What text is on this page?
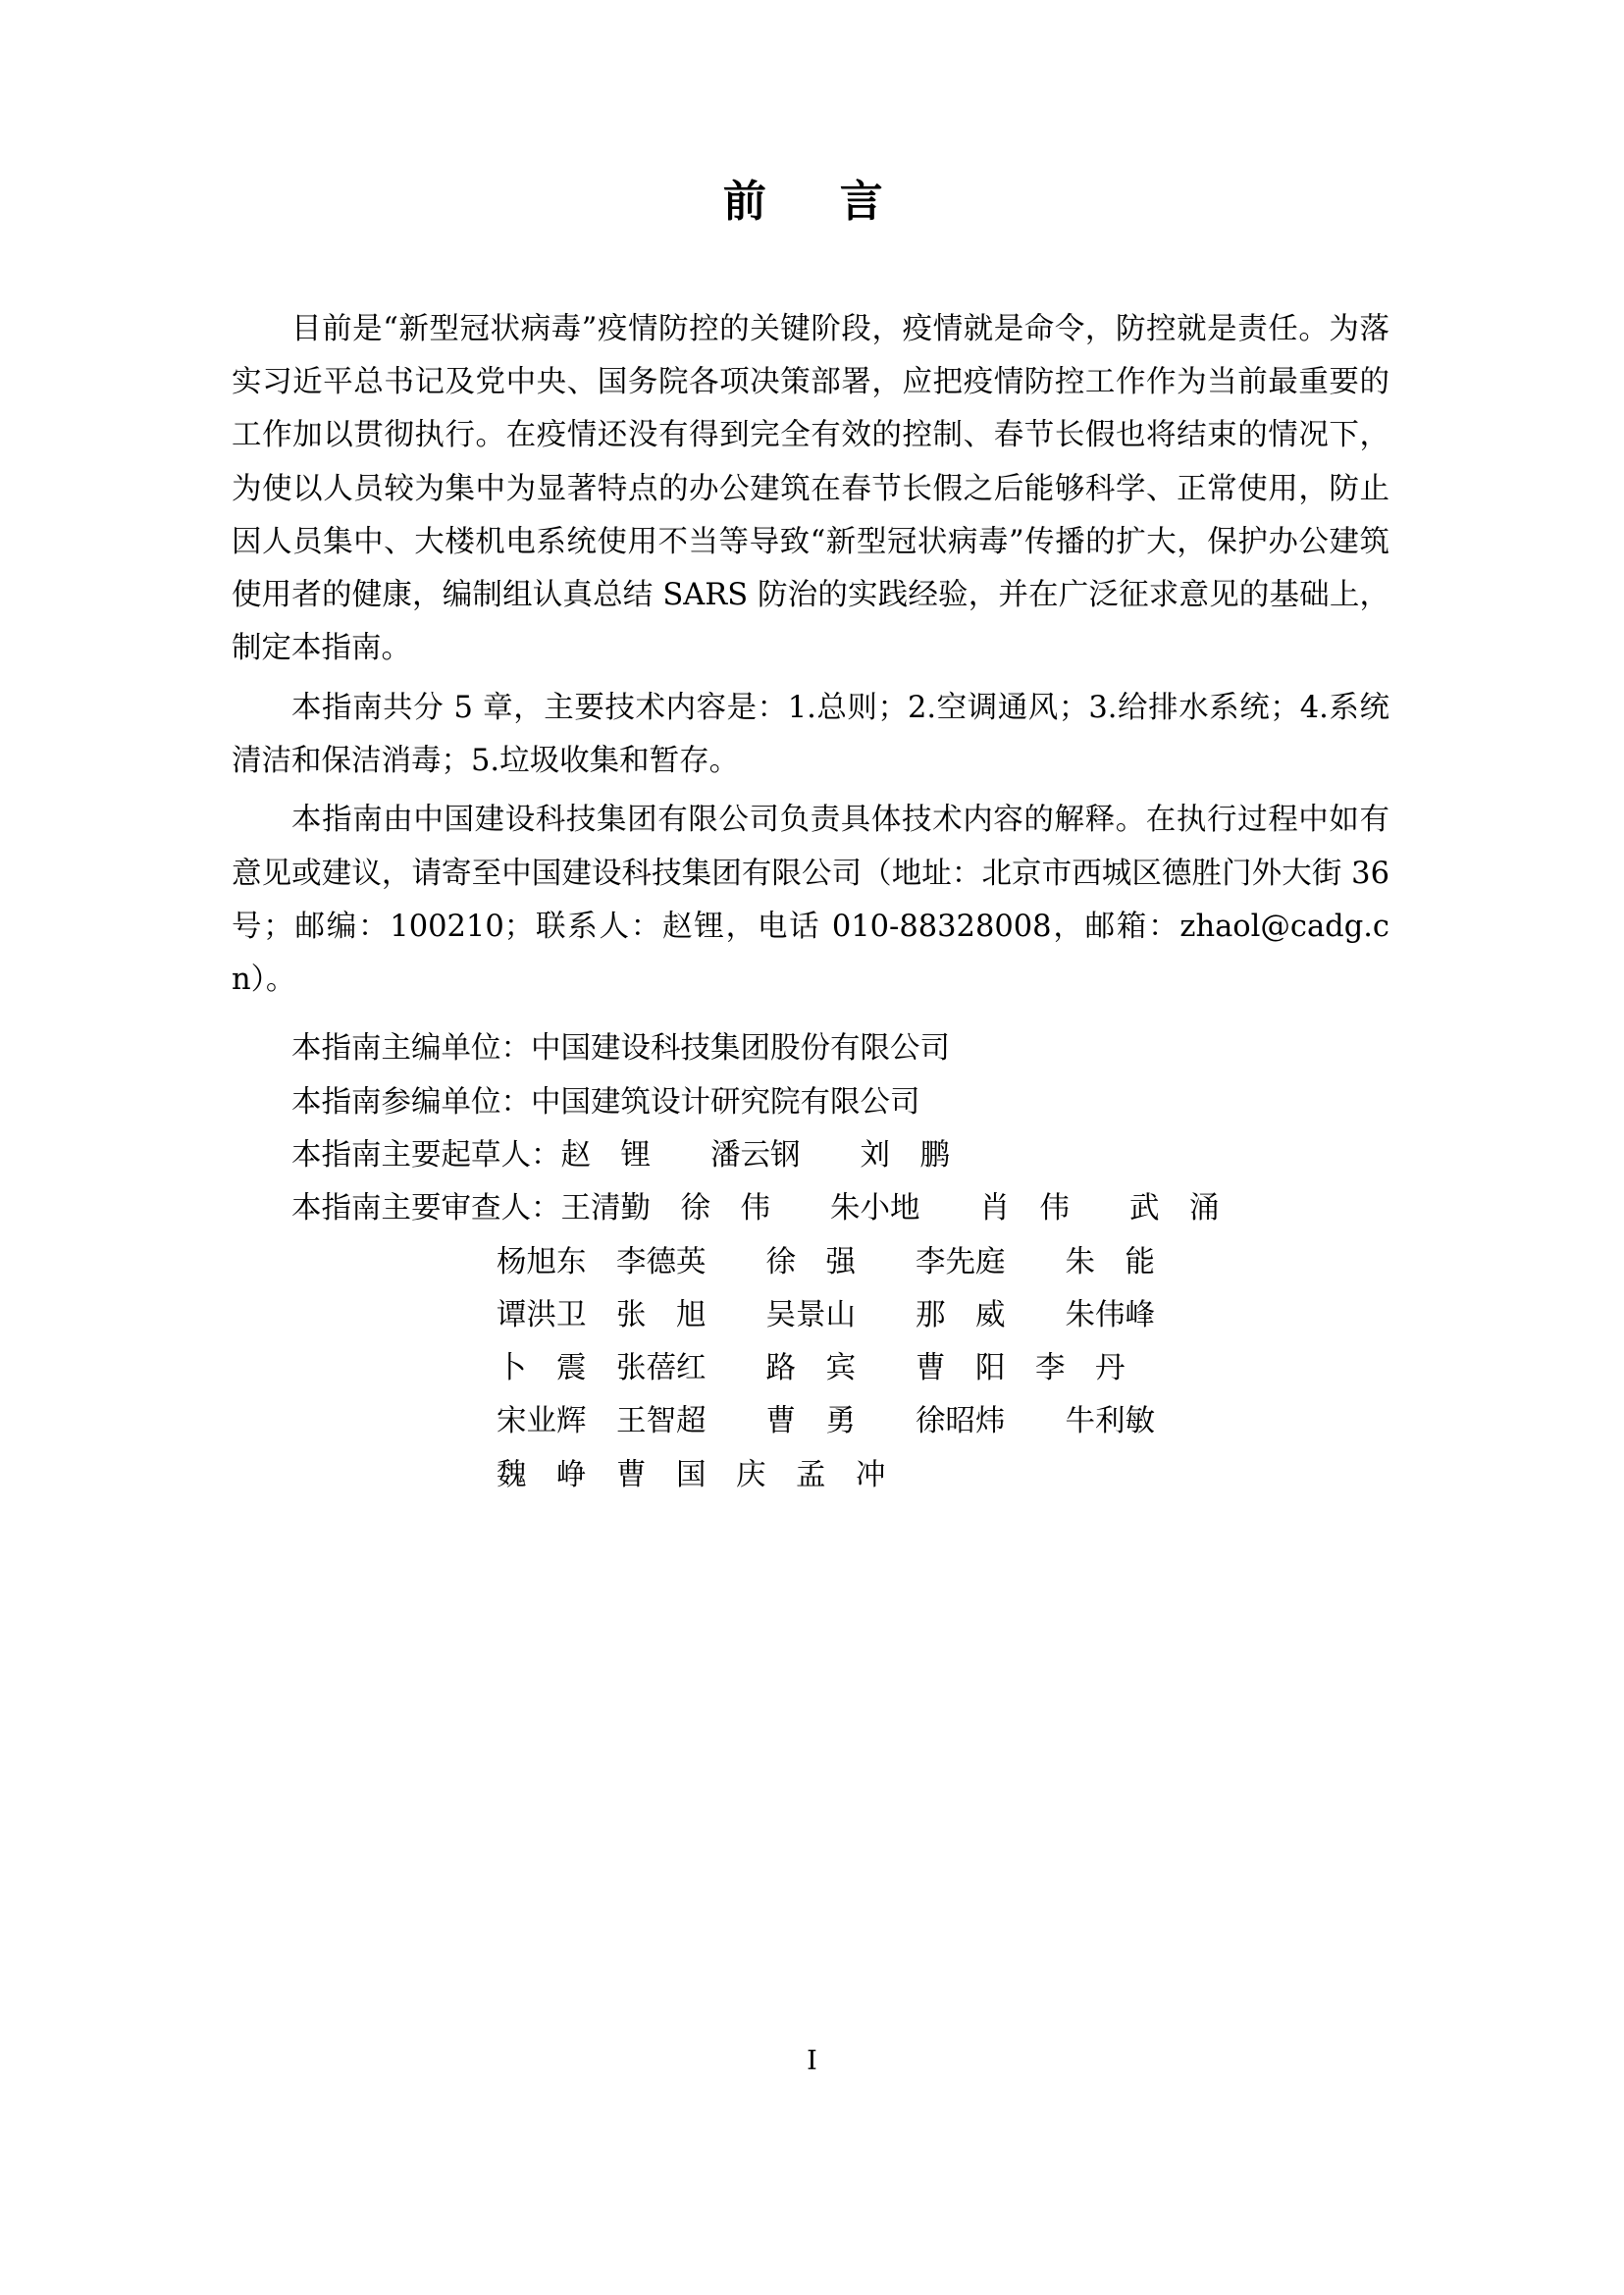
前　言

目前是“新型冠状病毒”疫情防控的关键阶段，疫情就是命令，防控就是责任。为落实习近平总书记及党中央、国务院各项决策部署，应把疫情防控工作作为当前最重要的工作加以贯彻执行。在疫情还没有得到完全有效的控制、春节长假也将结束的情况下，为使以人员较为集中为显著特点的办公建筑在春节长假之后能够科学、正常使用，防止因人员集中、大楼机电系统使用不当等导致“新型冠状病毒”传播的扩大，保护办公建筑使用者的健康，编制组认真总结 SARS 防治的实践经验，并在广泛征求意见的基础上，制定本指南。

本指南共分 5 章，主要技术内容是：1.总则；2.空调通风；3.给排水系统；4.系统清洁和保洁消毒；5.垃圾收集和暂存。

本指南由中国建设科技集团有限公司负责具体技术内容的解释。在执行过程中如有意见或建议，请寄至中国建设科技集团有限公司（地址：北京市西城区德胜门外大街 36 号；邮编：100210；联系人：赵锂，电话 010-88328008，邮箱：zhaol@cadg.cn）。

本指南主编单位：中国建设科技集团股份有限公司

本指南参编单位：中国建筑设计研究院有限公司

本指南主要起草人：赵　锂　　潘云钢　　刘　鹏

本指南主要审查人：王清勤　徐　伟　　朱小地　　肖　伟　　武　涌

杨旭东　李德英　　徐　强　　李先庭　　朱　能

谭洪卫　张　旭　　吴景山　　那　威　　朱伟峰

卜　震　张蓓红　　路　宾　　曹　阳　李　丹

宋业辉　王智超　　曹　勇　　徐昭炜　　牛利敏

魏　峥　曹　国　庆　孟　冲

I
